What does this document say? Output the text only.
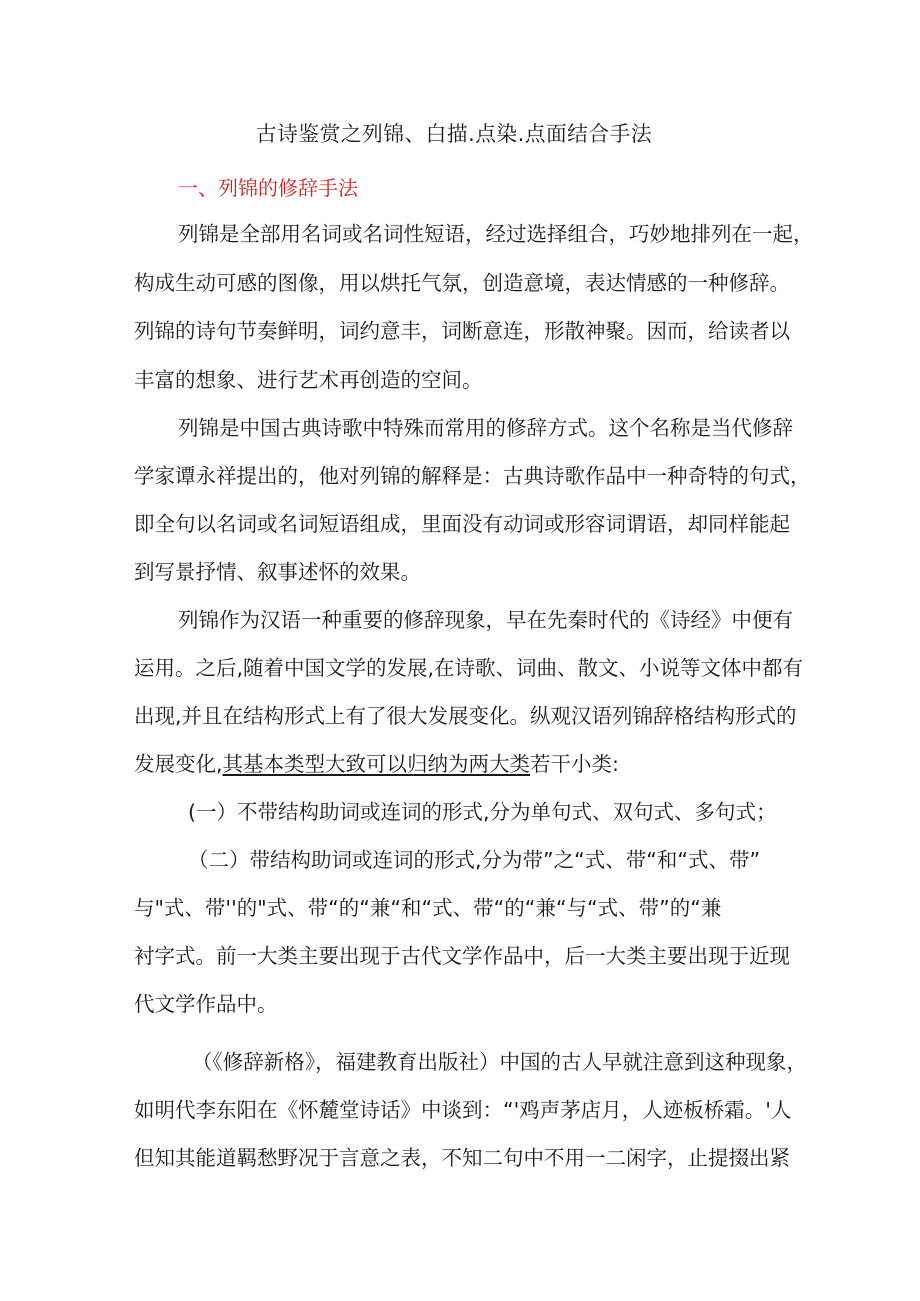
古诗鉴赏之列锦、白描.点染.点面结合手法
一、列锦的修辞手法
列锦是全部用名词或名词性短语，经过选择组合，巧妙地排列在一起，
构成生动可感的图像，用以烘托气氛，创造意境，表达情感的一种修辞。
列锦的诗句节奏鲜明，词约意丰，词断意连，形散神聚。因而，给读者以
丰富的想象、进行艺术再创造的空间。
列锦是中国古典诗歌中特殊而常用的修辞方式。这个名称是当代修辞
学家谭永祥提出的，他对列锦的解释是：古典诗歌作品中一种奇特的句式，
即全句以名词或名词短语组成，里面没有动词或形容词谓语，却同样能起
到写景抒情、叙事述怀的效果。
列锦作为汉语一种重要的修辞现象，早在先秦时代的《诗经》中便有
运用。之后,随着中国文学的发展,在诗歌、词曲、散文、小说等文体中都有
出现,并且在结构形式上有了很大发展变化。纵观汉语列锦辞格结构形式的
发展变化,其基本类型大致可以归纳为两大类若干小类:
(一）不带结构助词或连词的形式,分为单句式、双句式、多句式；
（二）带结构助词或连词的形式,分为带”之“式、带“和“式、带”
与"式、带''的"式、带“的“兼“和“式、带“的“兼“与“式、带”的“兼
衬字式。前一大类主要出现于古代文学作品中，后一大类主要出现于近现
代文学作品中。
（《修辞新格》，福建教育出版社）中国的古人早就注意到这种现象，
如明代李东阳在《怀麓堂诗话》中谈到：“'鸡声茅店月，人迹板桥霜。'人
但知其能道羁愁野况于言意之表，不知二句中不用一二闲字，止提掇出紧
